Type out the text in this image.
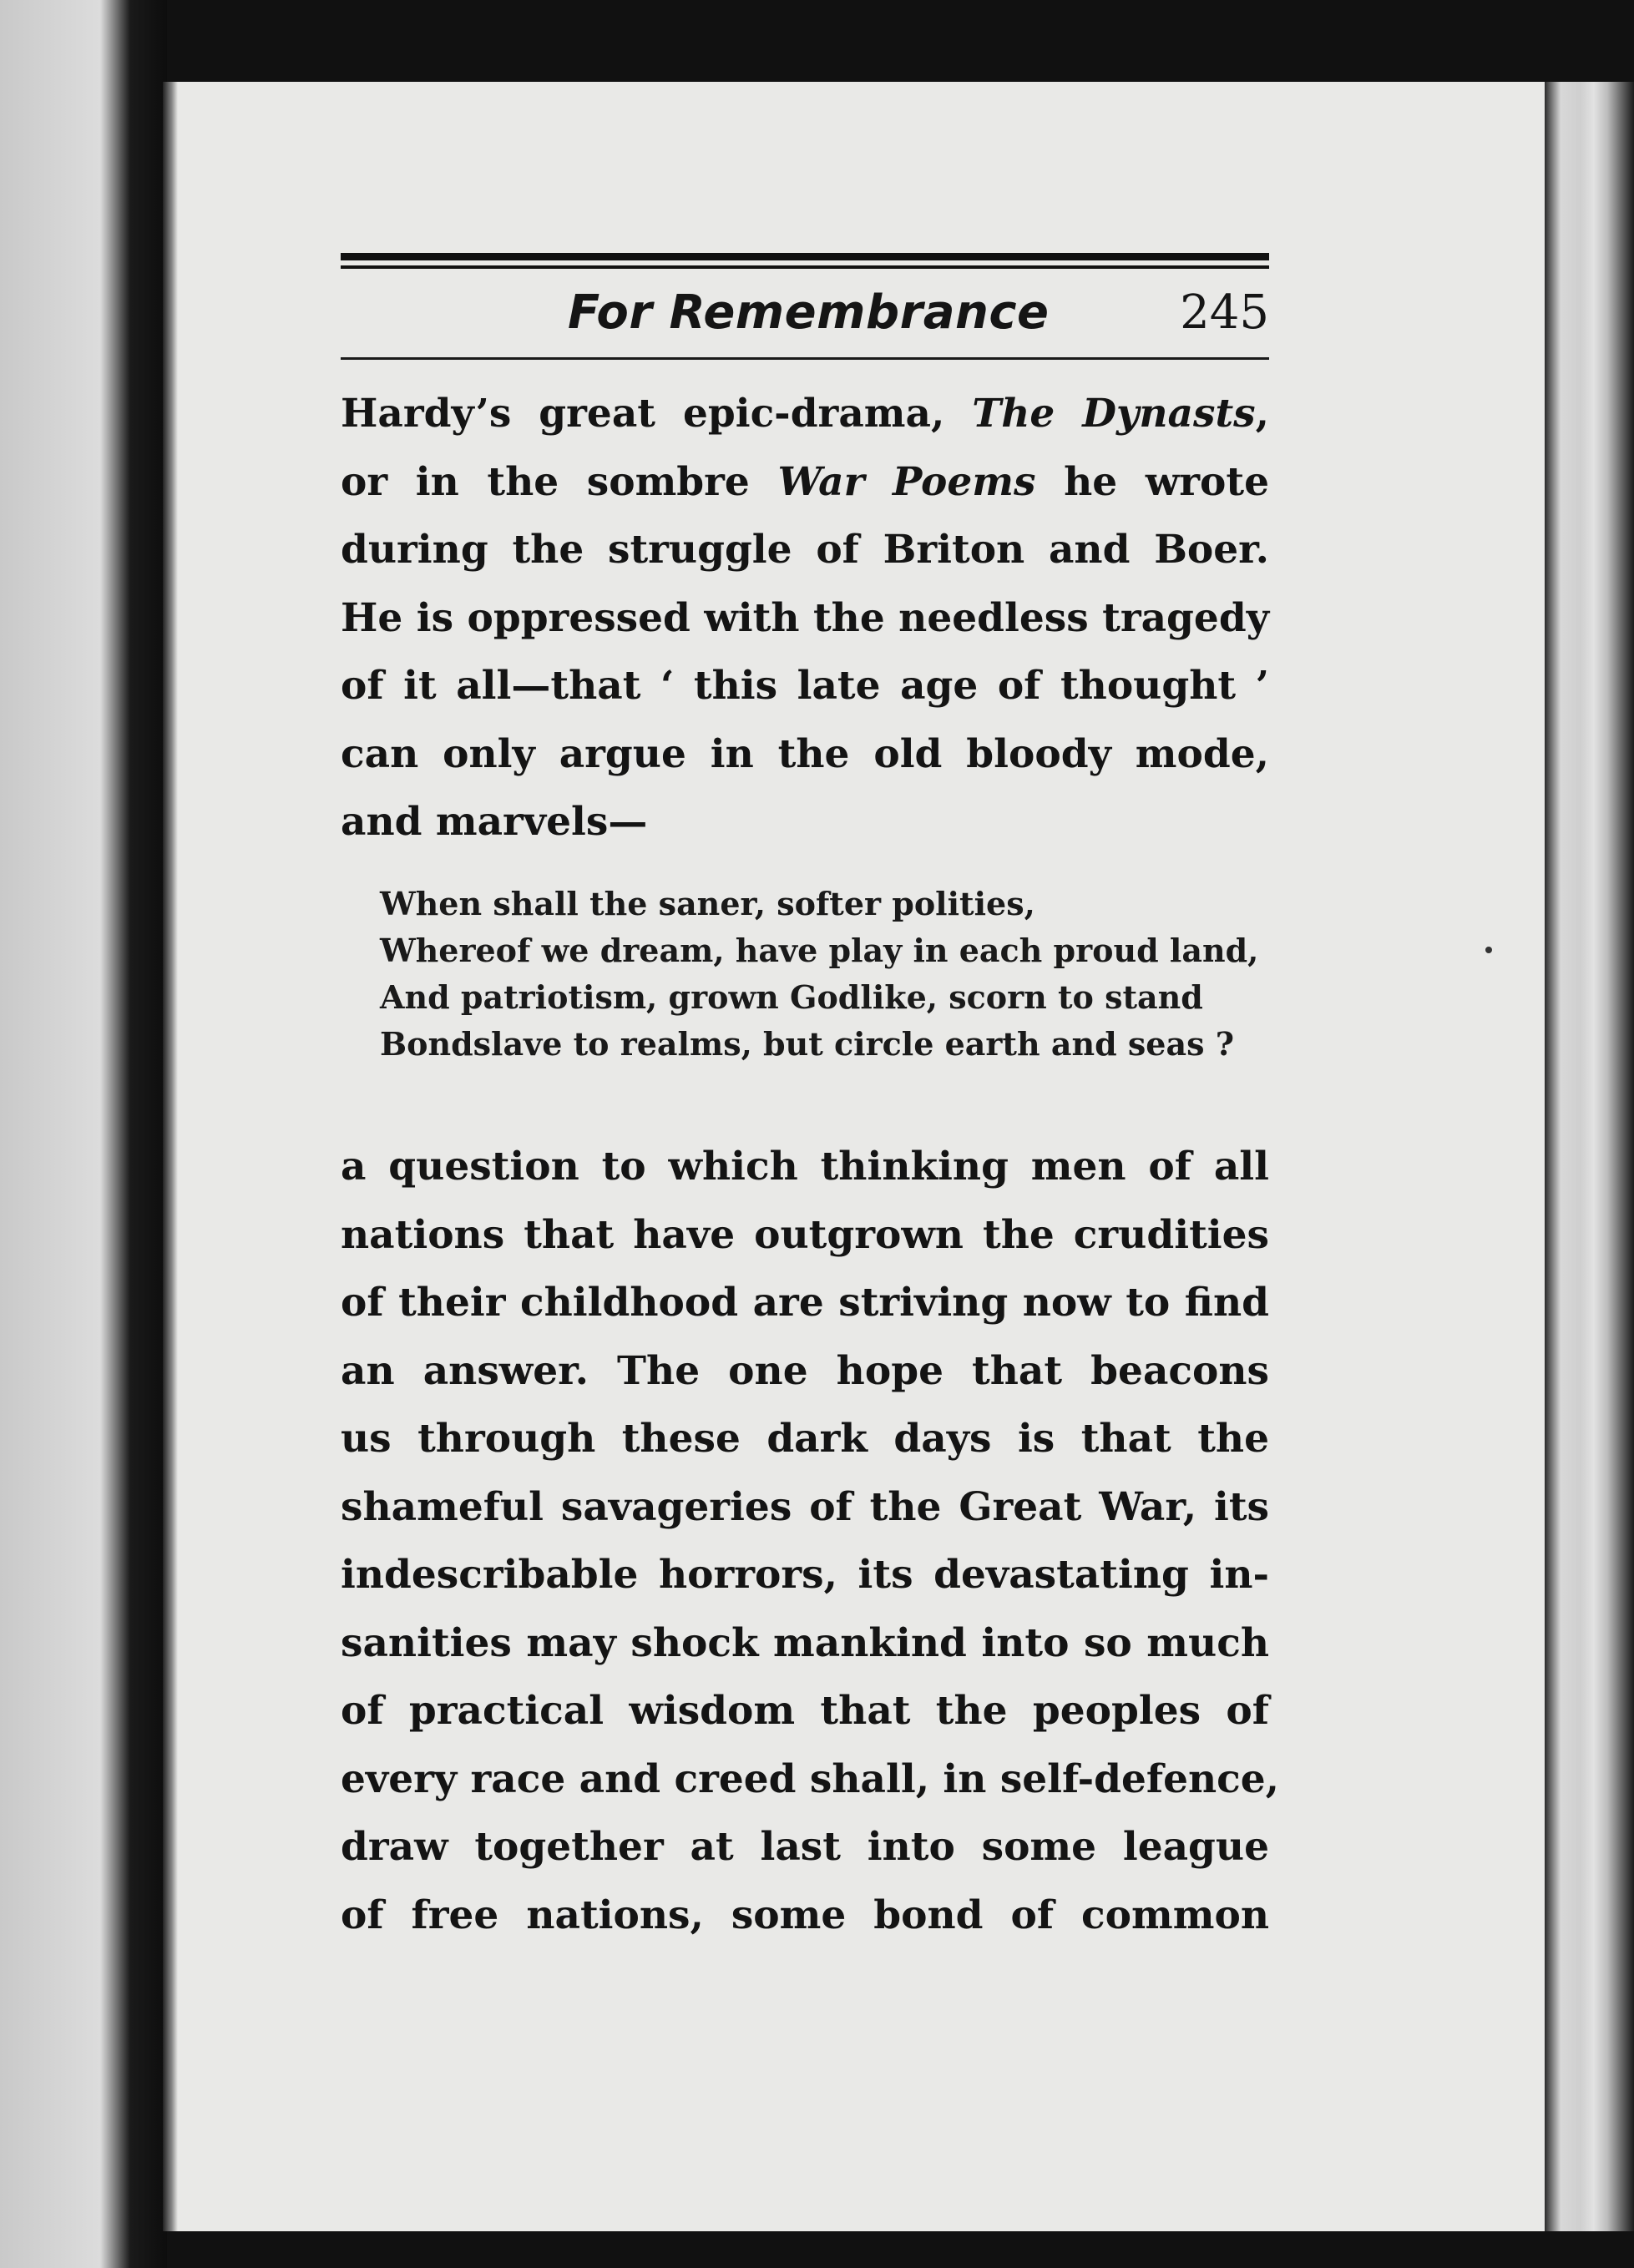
For Remembrance	245
Hardy’s great epic-drama, The Dynasts,
or in the sombre War Poems he wrote
during the struggle of Briton and Boer.
He is oppressed with the needless tragedy
of it all—that ‘ this late age of thought ’
can only argue in the old bloody mode,
and marvels—
When shall the saner, softer polities,
Whereof we dream, have play in each proud land,
And patriotism, grown Godlike, scorn to stand
Bondslave to realms, but circle earth and seas ?
a question to which thinking men of all
nations that have outgrown the crudities
of their childhood are striving now to find
an answer. The one hope that beacons
us through these dark days is that the
shameful savageries of the Great War, its
indescribable horrors, its devastating in-
sanities may shock mankind into so much
of practical wisdom that the peoples of
every race and creed shall, in self-defence,
draw together at last into some league
of free nations, some bond of common
